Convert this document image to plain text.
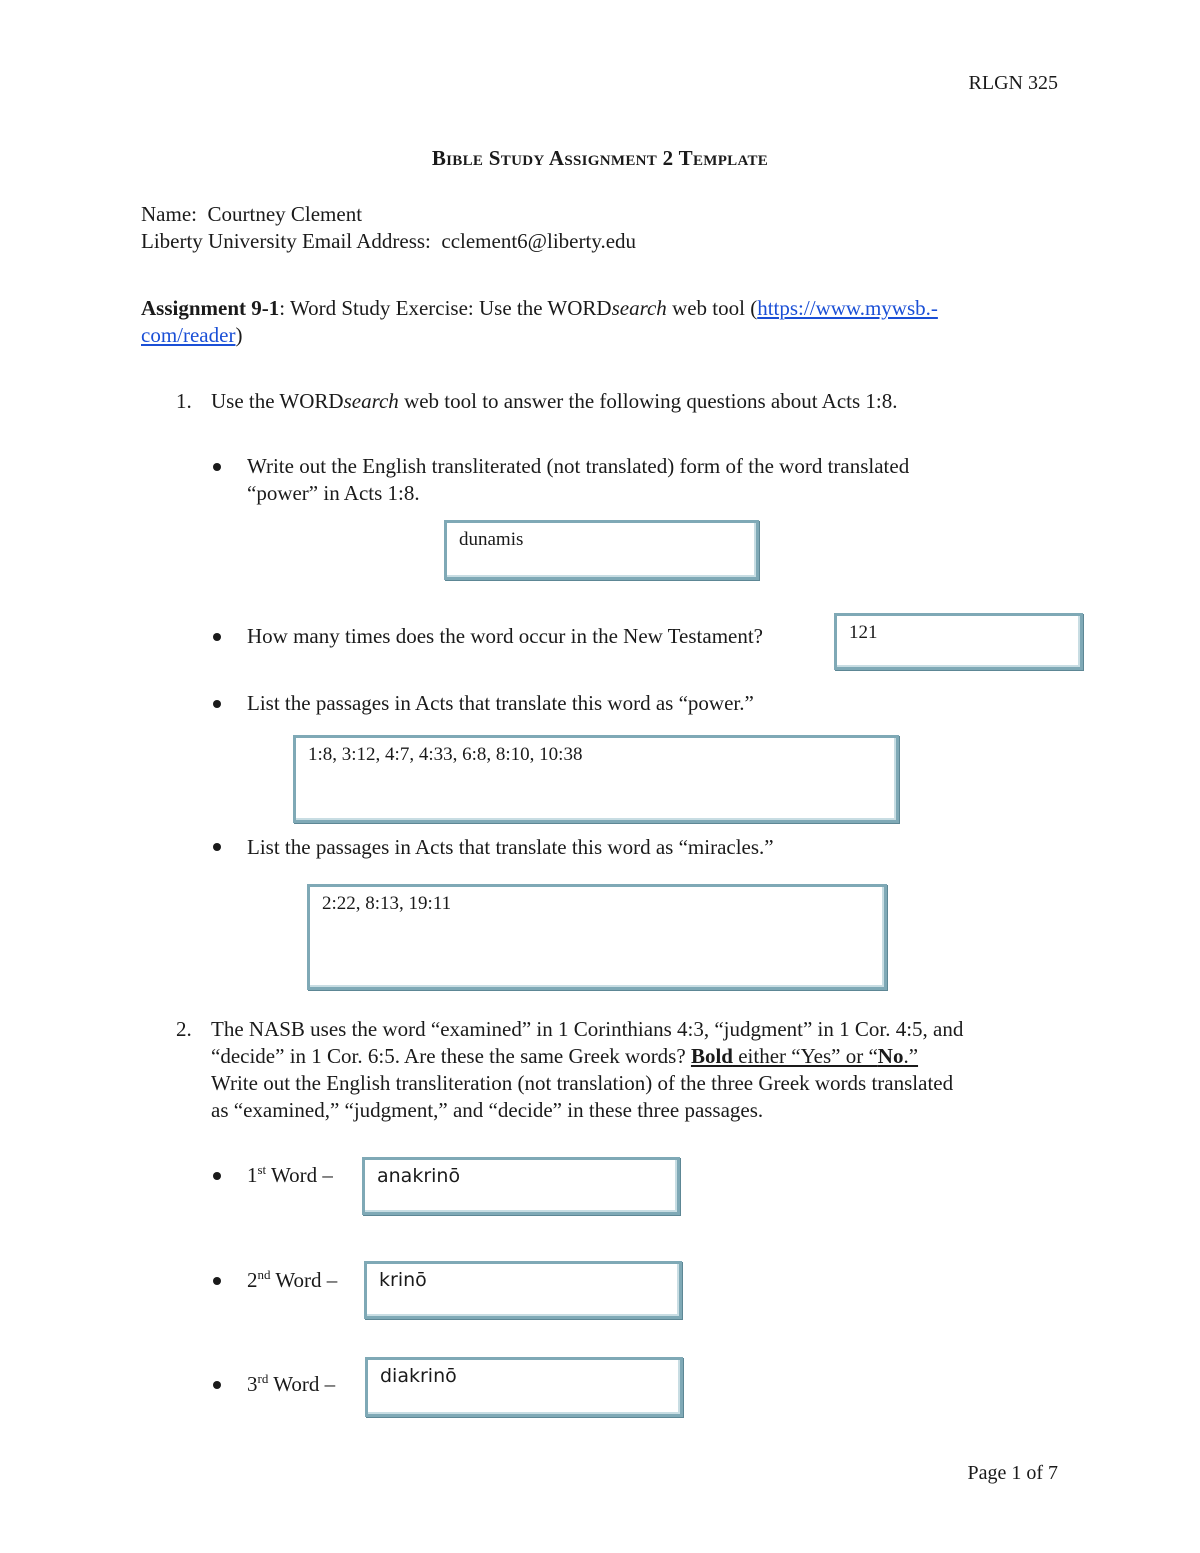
RLGN 325
BIBLE STUDY ASSIGNMENT 2 TEMPLATE
Name: Courtney Clement
Liberty University Email Address: cclement6@liberty.edu
Assignment 9-1: Word Study Exercise: Use the WORDsearch web tool (https://www.mywsb.-
com/reader)
1. Use the WORDsearch web tool to answer the following questions about Acts 1:8.
Write out the English transliterated (not translated) form of the word translated
“power” in Acts 1:8.
dunamis
How many times does the word occur in the New Testament?	121
List the passages in Acts that translate this word as “power.”
1:8, 3:12, 4:7, 4:33, 6:8, 8:10, 10:38
List the passages in Acts that translate this word as “miracles.”
2:22, 8:13, 19:11
2. The NASB uses the word “examined” in 1 Corinthians 4:3, “judgment” in 1 Cor. 4:5, and
“decide” in 1 Cor. 6:5. Are these the same Greek words? Bold either “Yes” or “No.”
Write out the English transliteration (not translation) of the three Greek words translated
as “examined,” “judgment,” and “decide” in these three passages.
1st Word –	anakrinō
2nd Word –	krinō
3rd Word –	diakrinō
Page 1 of 7
